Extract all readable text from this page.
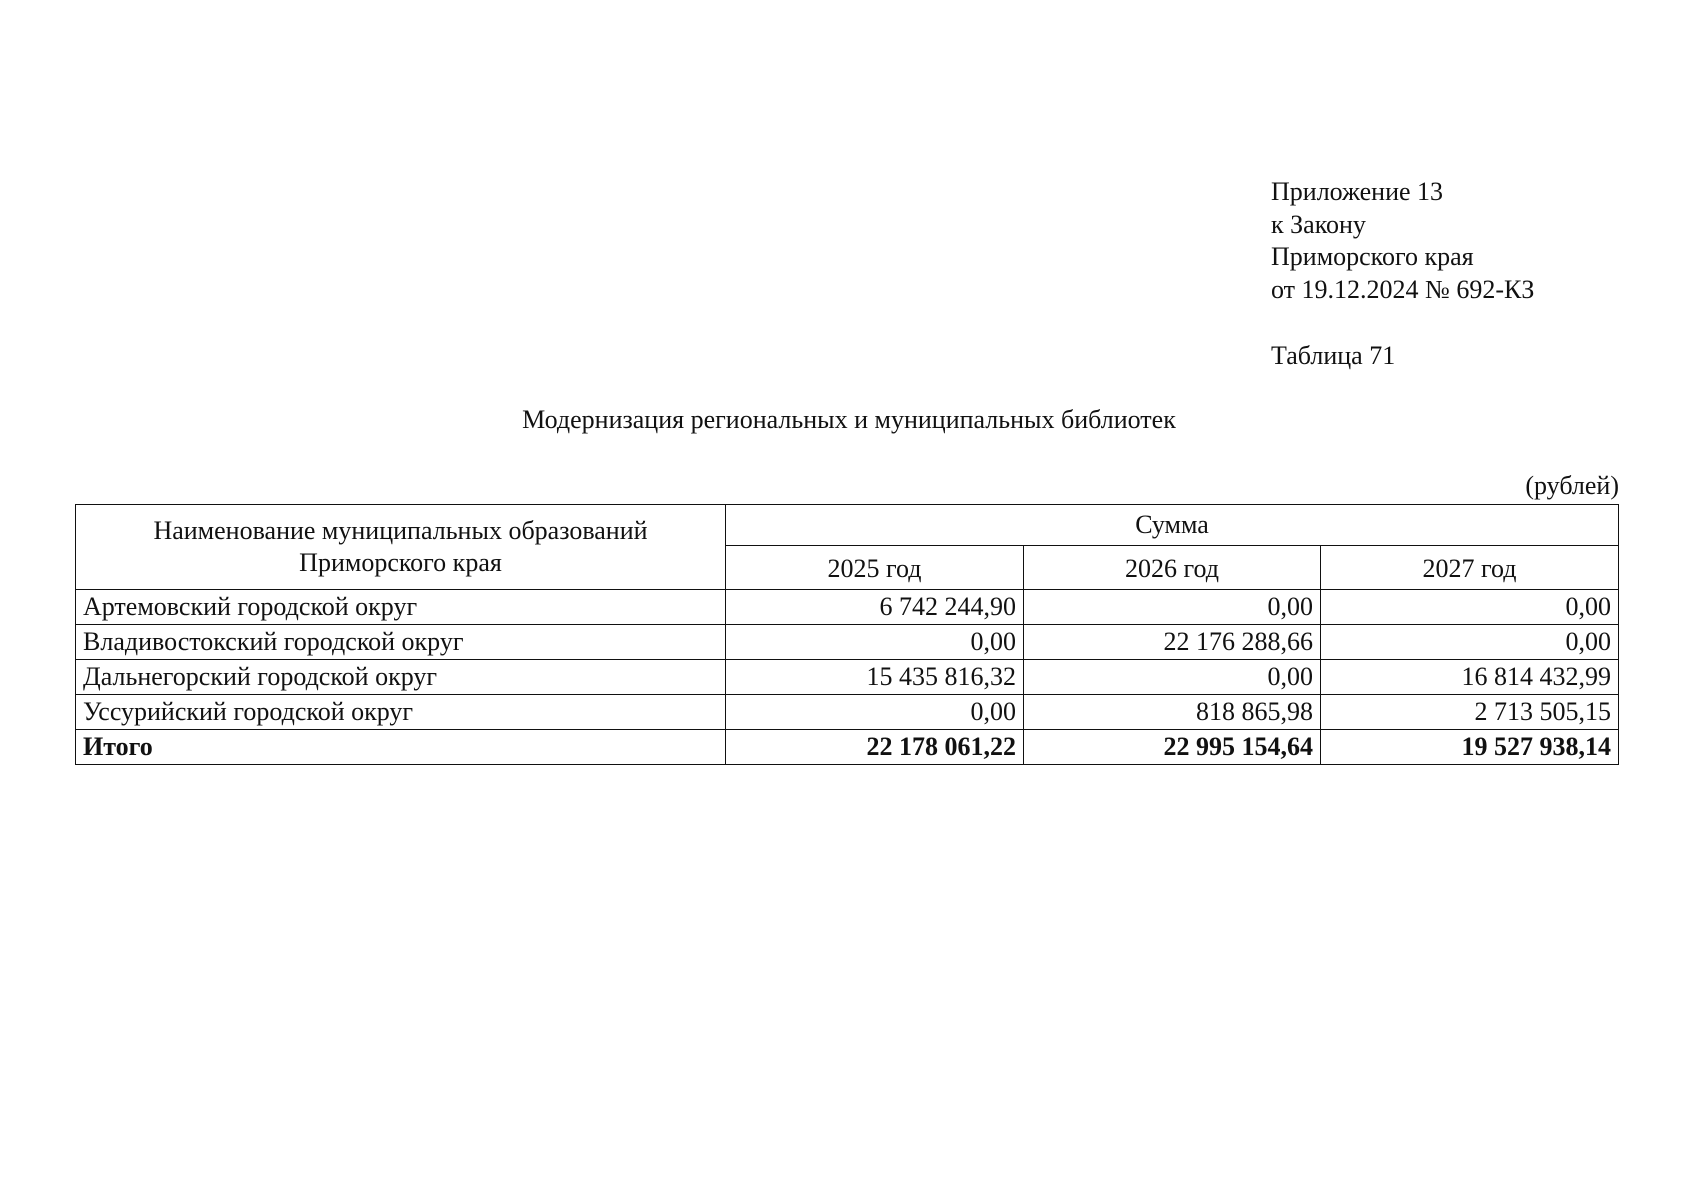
Приложение 13
к Закону
Приморского края
от 19.12.2024 № 692-КЗ
Таблица 71
Модернизация региональных и муниципальных библиотек
(рублей)
Наименование муниципальных образований Приморского края	Сумма		
	2025 год	2026 год	2027 год
Артемовский городской округ	6 742 244,90	0,00	0,00
Владивостокский городской округ	0,00	22 176 288,66	0,00
Дальнегорский городской округ	15 435 816,32	0,00	16 814 432,99
Уссурийский городской округ	0,00	818 865,98	2 713 505,15
Итого	22 178 061,22	22 995 154,64	19 527 938,14
